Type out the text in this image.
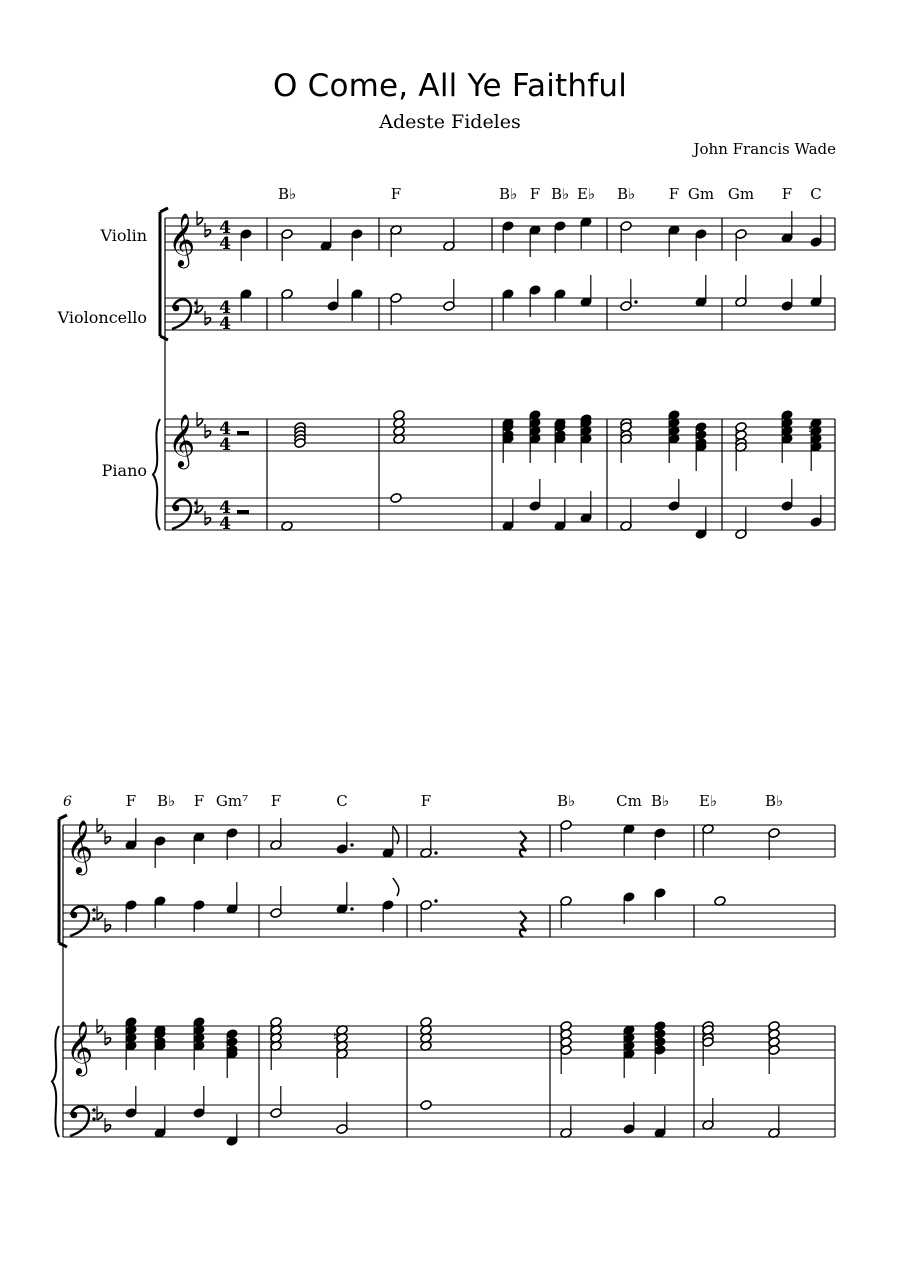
O Come, All Ye Faithful
Adeste Fideles
John Francis Wade
Violin
Violoncello
Piano
𝄞 4
4
4
4
𝄞 4
4
4
4
♮
𝄞
𝄞
6
♮
B♭	F	B♭ F B♭ E♭ B♭ F Gm Gm F C
F B♭ F Gm⁷ F	C	F	B♭	Cm B♭ E♭	B♭
